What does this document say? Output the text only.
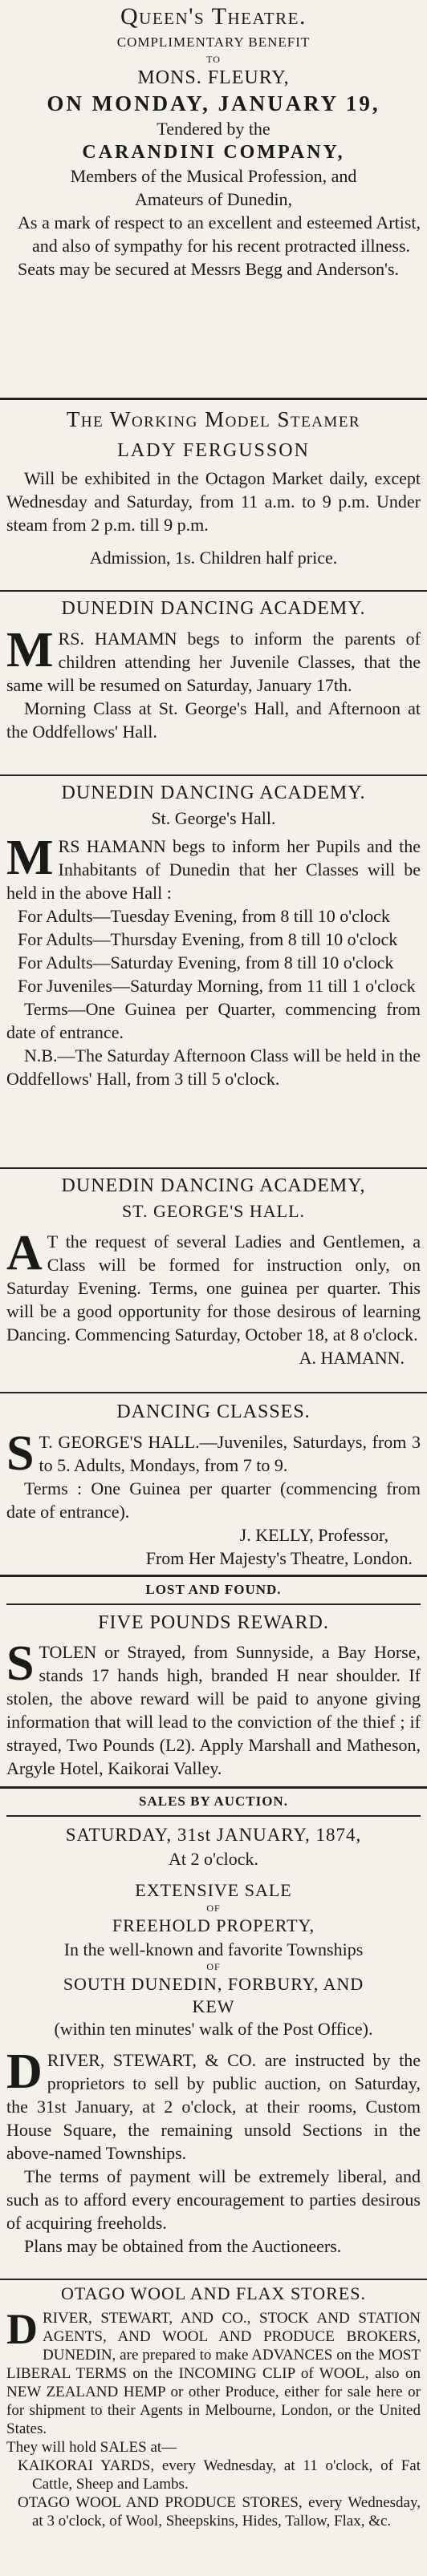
Queen's Theatre.
COMPLIMENTARY BENEFIT
TO
MONS. FLEURY,
ON MONDAY, JANUARY 19,
Tendered by the
CARANDINI COMPANY,
Members of the Musical Profession, and
Amateurs of Dunedin,
As a mark of respect to an excellent and esteemed Artist, and also of sympathy for his recent protracted illness.
Seats may be secured at Messrs Begg and Anderson's.
The Working Model Steamer
LADY FERGUSSON
Will be exhibited in the Octagon Market daily, except Wednesday and Saturday, from 11 a.m. to 9 p.m. Under steam from 2 p.m. till 9 p.m.
Admission, 1s. Children half price.
DUNEDIN DANCING ACADEMY.
MRS. HAMAMN begs to inform the parents of children attending her Juvenile Classes, that the same will be resumed on Saturday, January 17th.
Morning Class at St. George's Hall, and Afternoon at the Oddfellows' Hall.
DUNEDIN DANCING ACADEMY.
St. George's Hall.
MRS HAMANN begs to inform her Pupils and the Inhabitants of Dunedin that her Classes will be held in the above Hall :
For Adults—Tuesday Evening, from 8 till 10 o'clock
For Adults—Thursday Evening, from 8 till 10 o'clock
For Adults—Saturday Evening, from 8 till 10 o'clock
For Juveniles—Saturday Morning, from 11 till 1 o'clock
Terms—One Guinea per Quarter, commencing from date of entrance.
N.B.—The Saturday Afternoon Class will be held in the Oddfellows' Hall, from 3 till 5 o'clock.
DUNEDIN DANCING ACADEMY,
ST. GEORGE'S HALL.
A T the request of several Ladies and Gentlemen, a Class will be formed for instruction only, on Saturday Evening. Terms, one guinea per quarter. This will be a good opportunity for those desirous of learning Dancing. Commencing Saturday, October 18, at 8 o'clock.
A. HAMANN.
DANCING CLASSES.
S T. GEORGE'S HALL.—Juveniles, Saturdays, from 3 to 5. Adults, Mondays, from 7 to 9.
Terms : One Guinea per quarter (commencing from date of entrance).
J. KELLY, Professor,
From Her Majesty's Theatre, London.
LOST AND FOUND.
FIVE POUNDS REWARD.
STOLEN or Strayed, from Sunnyside, a Bay Horse, stands 17 hands high, branded H near shoulder. If stolen, the above reward will be paid to anyone giving information that will lead to the conviction of the thief ; if strayed, Two Pounds (L2). Apply Marshall and Matheson, Argyle Hotel, Kaikorai Valley.
SALES BY AUCTION.
SATURDAY, 31st JANUARY, 1874,
At 2 o'clock.
EXTENSIVE SALE
OF
FREEHOLD PROPERTY,
In the well-known and favorite Townships
OF
SOUTH DUNEDIN, FORBURY, AND
KEW
(within ten minutes' walk of the Post Office).
DRIVER, STEWART, & CO. are instructed by the proprietors to sell by public auction, on Saturday, the 31st January, at 2 o'clock, at their rooms, Custom House Square, the remaining unsold Sections in the above-named Townships.
The terms of payment will be extremely liberal, and such as to afford every encouragement to parties desirous of acquiring freeholds.
Plans may be obtained from the Auctioneers.
OTAGO WOOL AND FLAX STORES.
DRIVER, STEWART, AND CO., STOCK AND STATION AGENTS, AND WOOL AND PRODUCE BROKERS, DUNEDIN, are prepared to make ADVANCES on the MOST LIBERAL TERMS on the INCOMING CLIP of WOOL, also on NEW ZEALAND HEMP or other Produce, either for sale here or for shipment to their Agents in Melbourne, London, or the United States.
They will hold SALES at—
KAIKORAI YARDS, every Wednesday, at 11 o'clock, of Fat Cattle, Sheep and Lambs.
OTAGO WOOL AND PRODUCE STORES, every Wednesday, at 3 o'clock, of Wool, Sheepskins, Hides, Tallow, Flax, &c.
